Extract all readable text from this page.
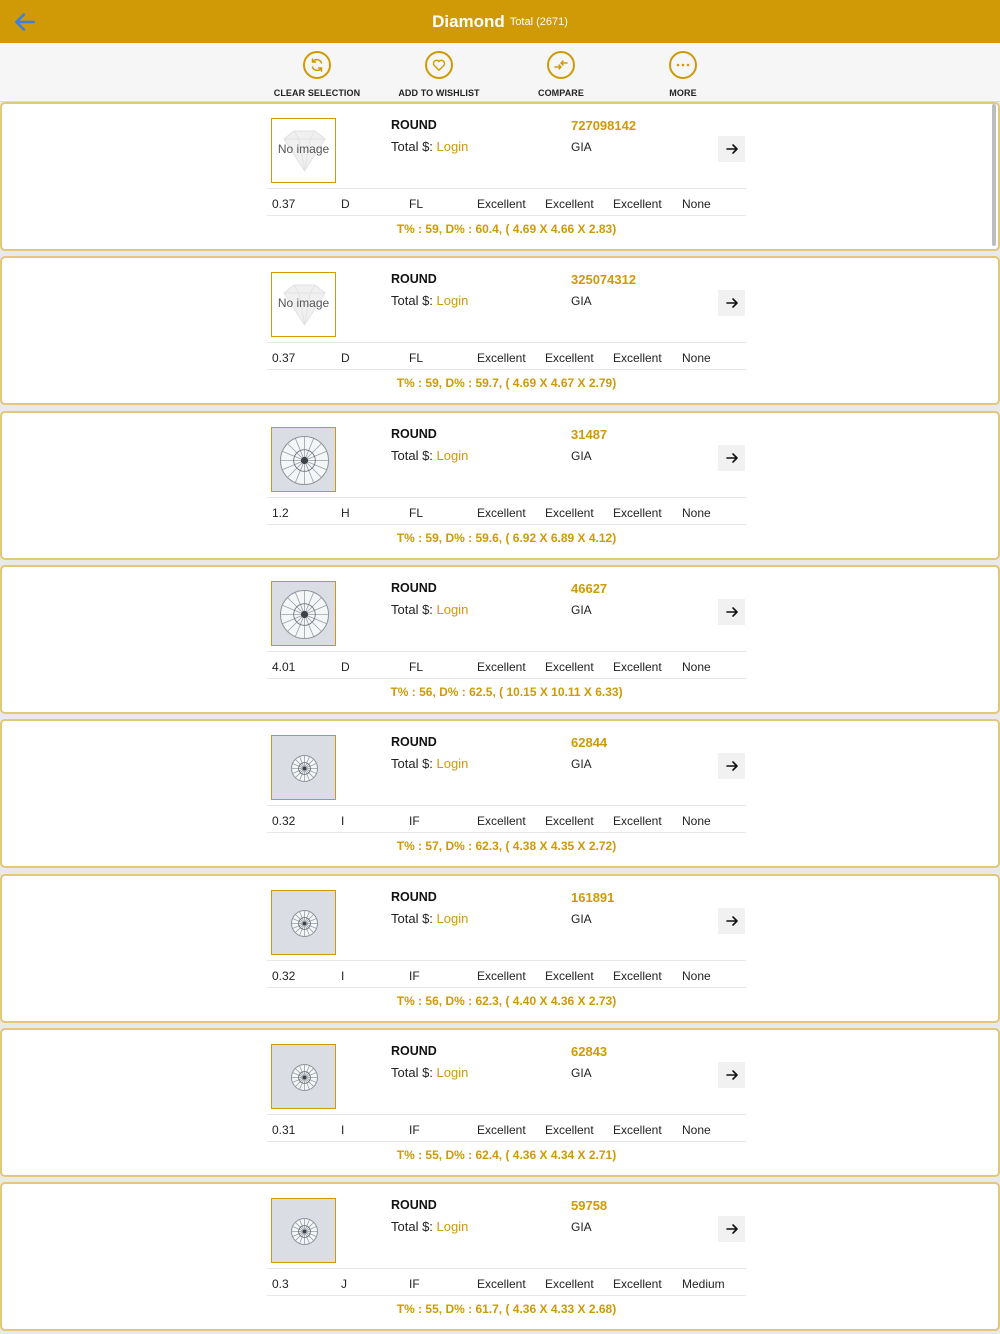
Diamond Total (2671)
CLEAR SELECTION	ADD TO WISHLIST	COMPARE	MORE
No image
ROUND
Total $: Login
727098142
GIA
0.37	D	FL	Excellent Excellent Excellent None
T% : 59, D% : 60.4, ( 4.69 X 4.66 X 2.83)
No image
ROUND
Total $: Login
325074312
GIA
0.37	D	FL	Excellent Excellent Excellent None
T% : 59, D% : 59.7, ( 4.69 X 4.67 X 2.79)
ROUND
Total $: Login
31487
GIA
1.2	H	FL	Excellent Excellent Excellent None
T% : 59, D% : 59.6, ( 6.92 X 6.89 X 4.12)
ROUND
Total $: Login
46627
GIA
4.01	D	FL	Excellent Excellent Excellent None
T% : 56, D% : 62.5, ( 10.15 X 10.11 X 6.33)
ROUND
Total $: Login
62844
GIA
0.32	I	IF	Excellent Excellent Excellent None
T% : 57, D% : 62.3, ( 4.38 X 4.35 X 2.72)
ROUND
Total $: Login
161891
GIA
0.32	I	IF	Excellent Excellent Excellent None
T% : 56, D% : 62.3, ( 4.40 X 4.36 X 2.73)
ROUND
Total $: Login
62843
GIA
0.31	I	IF	Excellent Excellent Excellent None
T% : 55, D% : 62.4, ( 4.36 X 4.34 X 2.71)
ROUND
Total $: Login
59758
GIA
0.3	J	IF	Excellent Excellent Excellent Medium
T% : 55, D% : 61.7, ( 4.36 X 4.33 X 2.68)
